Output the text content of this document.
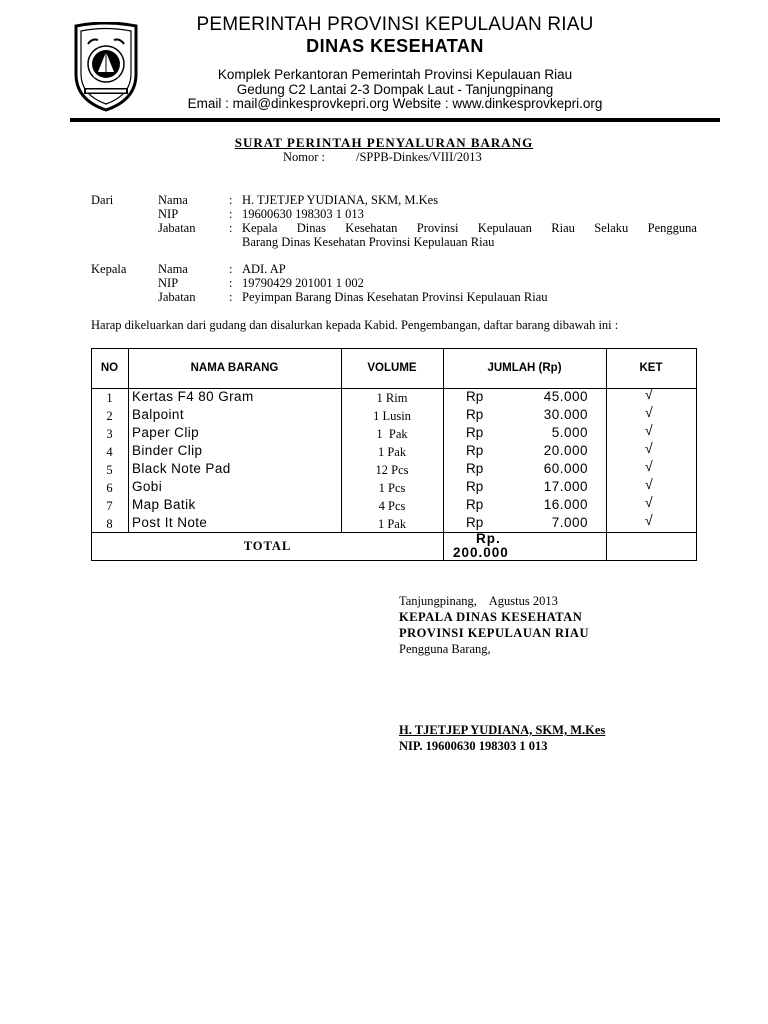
PEMERINTAH PROVINSI KEPULAUAN RIAU
DINAS KESEHATAN
Komplek Perkantoran Pemerintah Provinsi Kepulauan Riau
Gedung C2 Lantai 2-3 Dompak Laut - Tanjungpinang
Email : mail@dinkesprovkepri.org Website : www.dinkesprovkepri.org
SURAT PERINTAH PENYALURAN BARANG
Nomor : /SPPB-Dinkes/VIII/2013
Dari	Nama	: H. TJETJEP YUDIANA, SKM, M.Kes
NIP	: 19600630 198303 1 013
Jabatan	: Kepala Dinas Kesehatan Provinsi Kepulauan Riau Selaku Pengguna
Barang Dinas Kesehatan Provinsi Kepulauan Riau
Kepala	Nama	: ADI. AP
NIP	: 19790429 201001 1 002
Jabatan	: Peyimpan Barang Dinas Kesehatan Provinsi Kepulauan Riau
Harap dikeluarkan dari gudang dan disalurkan kepada Kabid. Pengembangan, daftar barang dibawah ini :
NO	NAMA BARANG	VOLUME	JUMLAH (Rp)	KET
1	Kertas F4 80 Gram	1 Rim	Rp	45.000	√
2	Balpoint	1 Lusin	Rp	30.000	√
3	Paper Clip	1  Pak	Rp	5.000	√
4	Binder Clip	1 Pak	Rp	20.000	√
5	Black Note Pad	12 Pcs	Rp	60.000	√
6	Gobi	1 Pcs	Rp	17.000	√
7	Map Batik	4 Pcs	Rp	16.000	√
8	Post It Note	1 Pak	Rp	7.000	√
TOTAL	Rp.
200.000
Tanjungpinang,    Agustus 2013
KEPALA DINAS KESEHATAN
PROVINSI KEPULAUAN RIAU
Pengguna Barang,
H. TJETJEP YUDIANA, SKM, M.Kes
NIP. 19600630 198303 1 013
